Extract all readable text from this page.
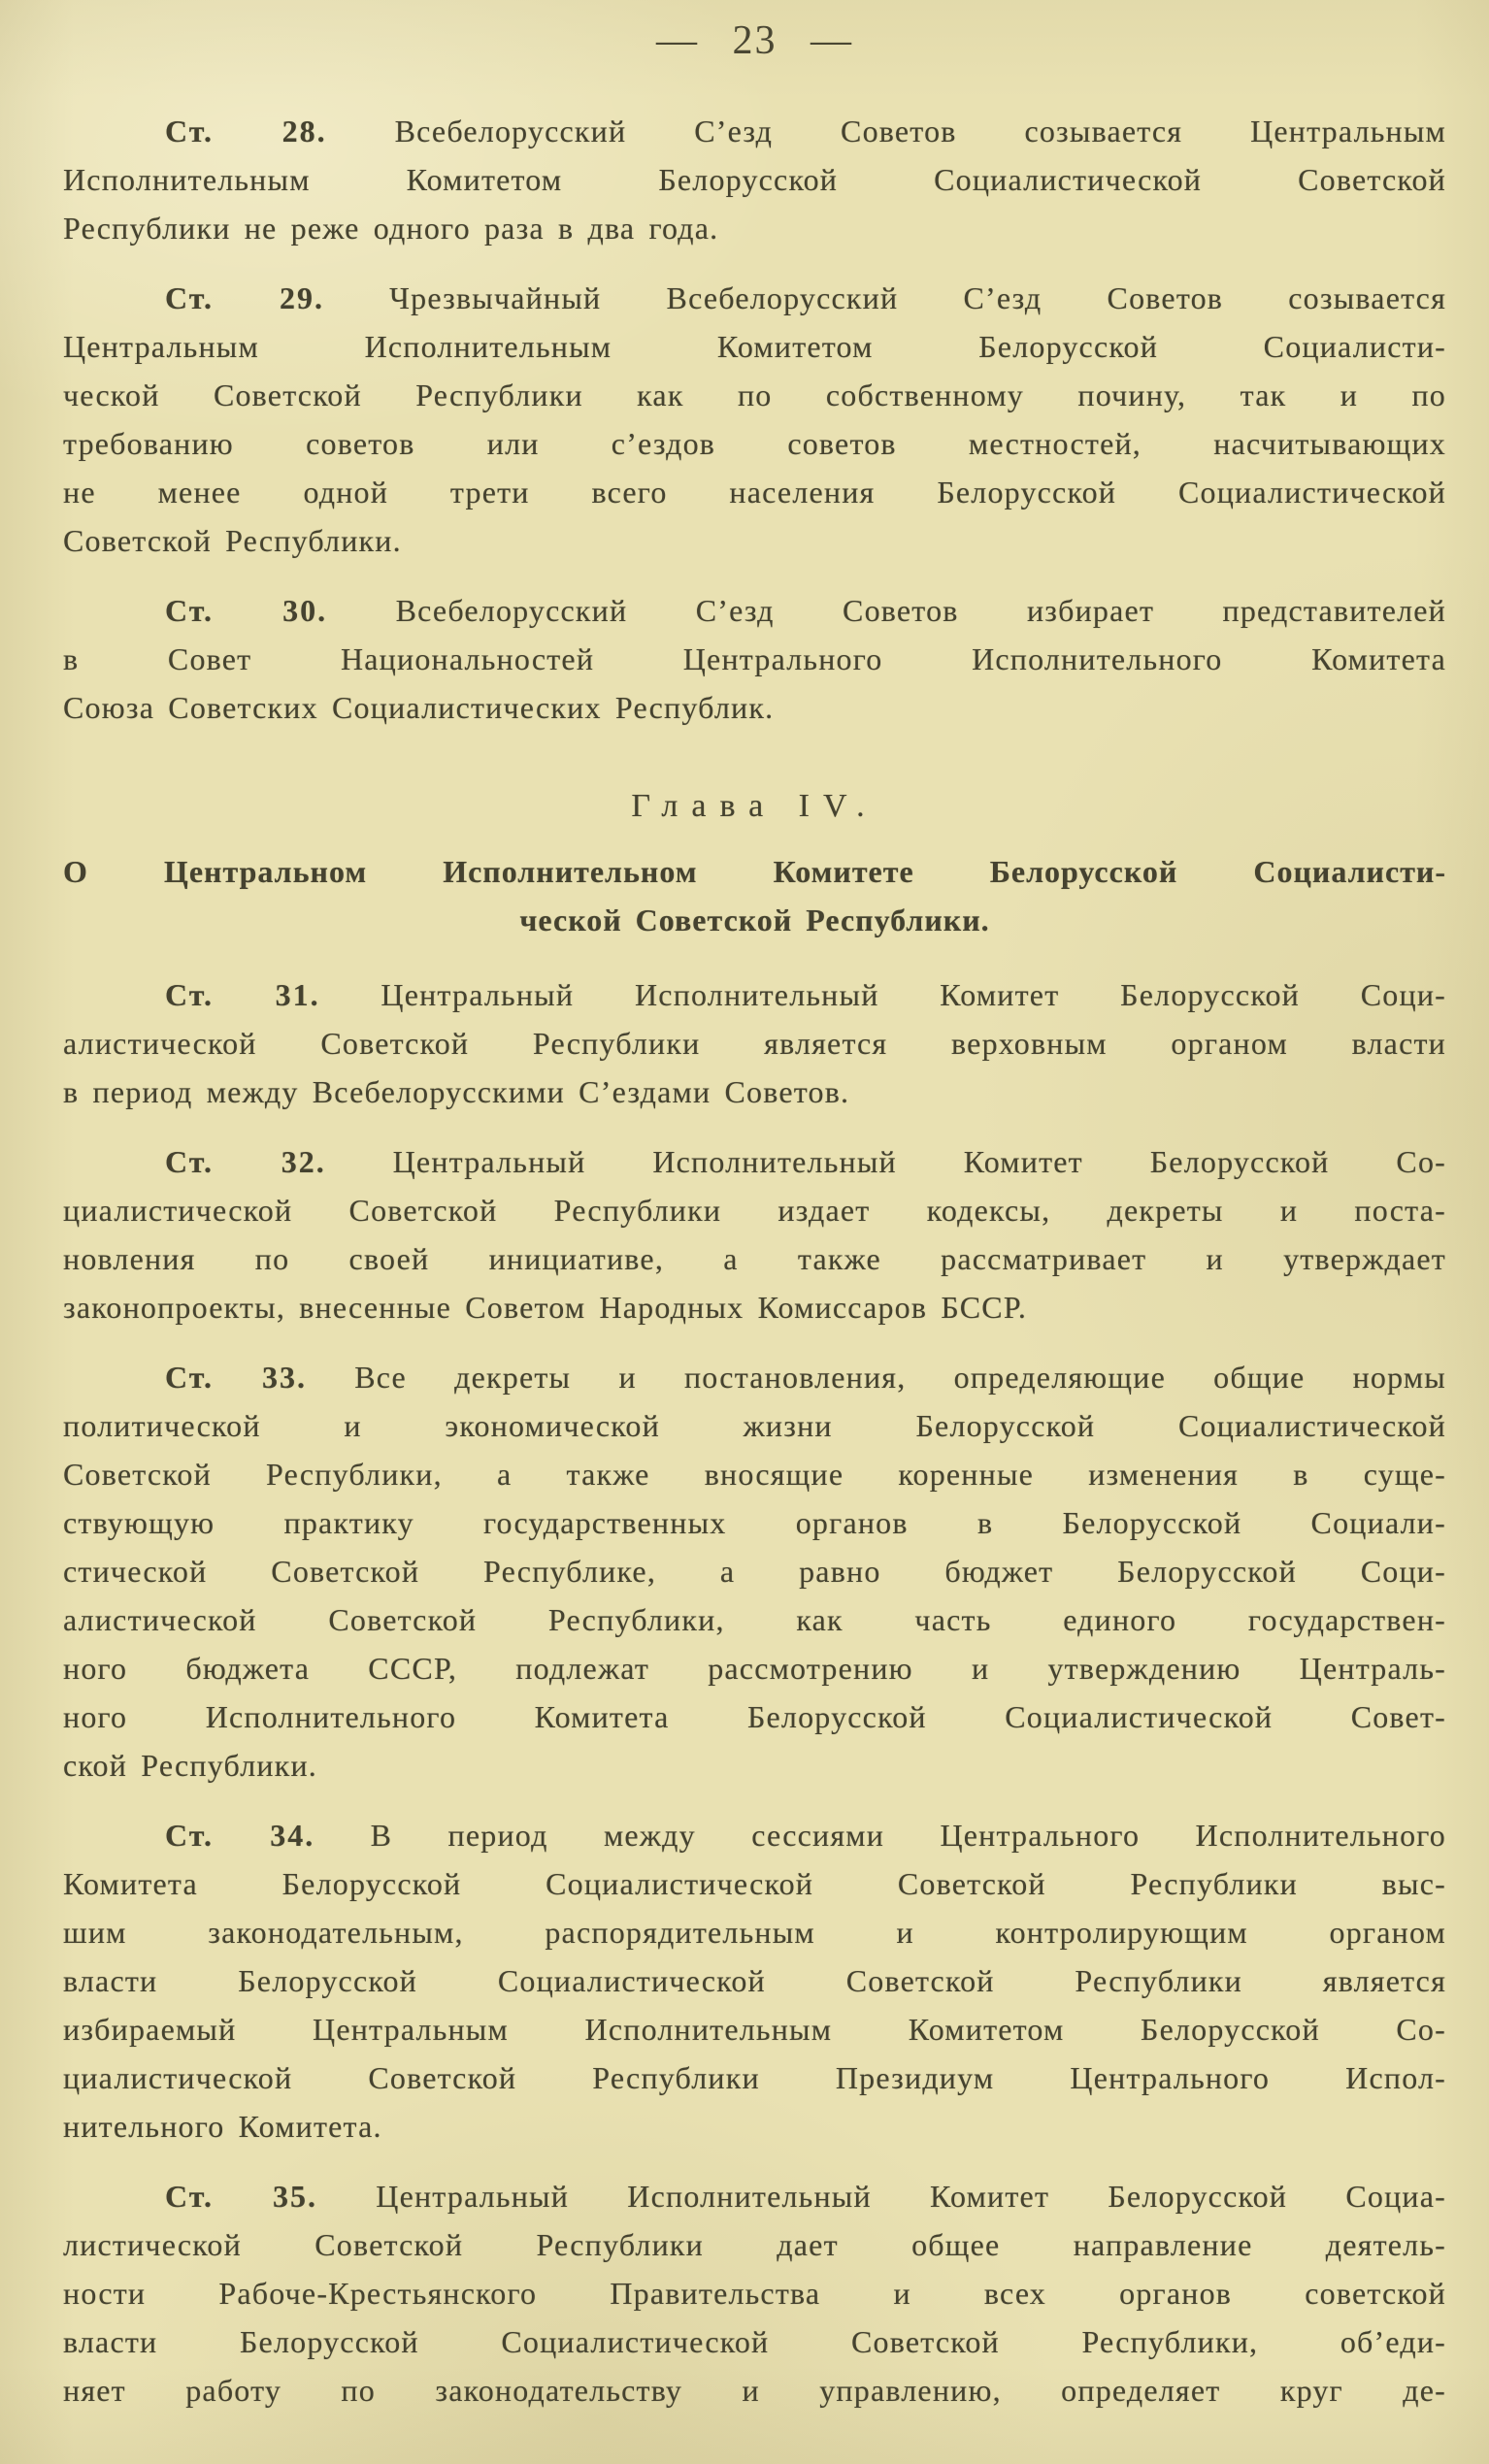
— 23 —
Ст. 28. Всебелорусский С’езд Советов созывается Центральным
Исполнительным Комитетом Белорусской Социалистической Советской
Республики не реже одного раза в два года.
Ст. 29. Чрезвычайный Всебелорусский С’езд Советов созывается
Центральным Исполнительным Комитетом Белорусской Социалисти-
ческой Советской Республики как по собственному почину, так и по
требованию советов или с’ездов советов местностей, насчитывающих
не менее одной трети всего населения Белорусской Социалистической
Советской Республики.
Ст. 30. Всебелорусский С’езд Советов избирает представителей
в Совет Национальностей Центрального Исполнительного Комитета
Союза Советских Социалистических Республик.
Глава IV.
О Центральном Исполнительном Комитете Белорусской Социалисти-
ческой Советской Республики.
Ст. 31. Центральный Исполнительный Комитет Белорусской Соци-
алистической Советской Республики является верховным органом власти
в период между Всебелорусскими С’ездами Советов.
Ст. 32. Центральный Исполнительный Комитет Белорусской Со-
циалистической Советской Республики издает кодексы, декреты и поста-
новления по своей инициативе, а также рассматривает и утверждает
законопроекты, внесенные Советом Народных Комиссаров БССР.
Ст. 33. Все декреты и постановления, определяющие общие нормы
политической и экономической жизни Белорусской Социалистической
Советской Республики, а также вносящие коренные изменения в суще-
ствующую практику государственных органов в Белорусской Социали-
стической Советской Республике, а равно бюджет Белорусской Соци-
алистической Советской Республики, как часть единого государствен-
ного бюджета СССР, подлежат рассмотрению и утверждению Централь-
ного Исполнительного Комитета Белорусской Социалистической Совет-
ской Республики.
Ст. 34. В период между сессиями Центрального Исполнительного
Комитета Белорусской Социалистической Советской Республики выс-
шим законодательным, распорядительным и контролирующим органом
власти Белорусской Социалистической Советской Республики является
избираемый Центральным Исполнительным Комитетом Белорусской Со-
циалистической Советской Республики Президиум Центрального Испол-
нительного Комитета.
Ст. 35. Центральный Исполнительный Комитет Белорусской Социа-
листической Советской Республики дает общее направление деятель-
ности Рабоче-Крестьянского Правительства и всех органов советской
власти Белорусской Социалистической Советской Республики, об’еди-
няет работу по законодательству и управлению, определяет круг де-
